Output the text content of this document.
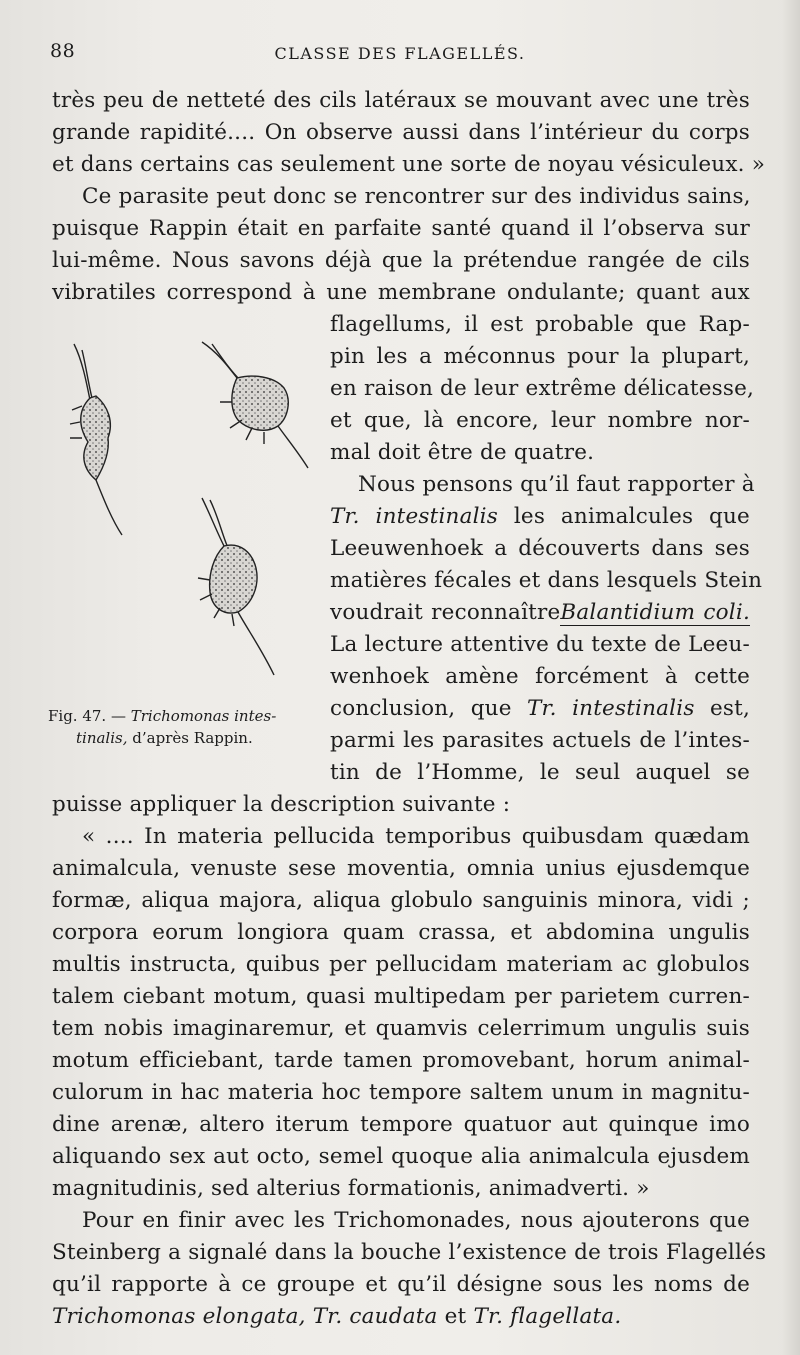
88	CLASSE DES FLAGELLÉS.
très peu de netteté des cils latéraux se mouvant avec une très
grande rapidité.... On observe aussi dans l’intérieur du corps
et dans certains cas seulement une sorte de noyau vésiculeux. »
Ce parasite peut donc se rencontrer sur des individus sains,
puisque Rappin était en parfaite santé quand il l’observa sur
lui-même. Nous savons déjà que la prétendue rangée de cils
vibratiles correspond à une membrane ondulante; quant aux
flagellums, il est probable que Rap-
pin les a méconnus pour la plupart,
en raison de leur extrême délicatesse,
et que, là encore, leur nombre nor-
mal doit être de quatre.
Nous pensons qu’il faut rapporter à
Tr. intestinalis les animalcules que
Leeuwenhoek a découverts dans ses
matières fécales et dans lesquels Stein
voudrait reconnaîtreBalantidium coli.
La lecture attentive du texte de Leeu-
wenhoek amène forcément à cette
conclusion, que Tr. intestinalis est,
parmi les parasites actuels de l’intes-
tin de l’Homme, le seul auquel se
Fig. 47. — Trichomonas intes-
tinalis, d’après Rappin.
puisse appliquer la description suivante :
« .... In materia pellucida temporibus quibusdam quædam
animalcula, venuste sese moventia, omnia unius ejusdemque
formæ, aliqua majora, aliqua globulo sanguinis minora, vidi ;
corpora eorum longiora quam crassa, et abdomina ungulis
multis instructa, quibus per pellucidam materiam ac globulos
talem ciebant motum, quasi multipedam per parietem curren-
tem nobis imaginaremur, et quamvis celerrimum ungulis suis
motum efficiebant, tarde tamen promovebant, horum animal-
culorum in hac materia hoc tempore saltem unum in magnitu-
dine arenæ, altero iterum tempore quatuor aut quinque imo
aliquando sex aut octo, semel quoque alia animalcula ejusdem
magnitudinis, sed alterius formationis, animadverti. »
Pour en finir avec les Trichomonades, nous ajouterons que
Steinberg a signalé dans la bouche l’existence de trois Flagellés
qu’il rapporte à ce groupe et qu’il désigne sous les noms de
Trichomonas elongata, Tr. caudata et Tr. flagellata.
